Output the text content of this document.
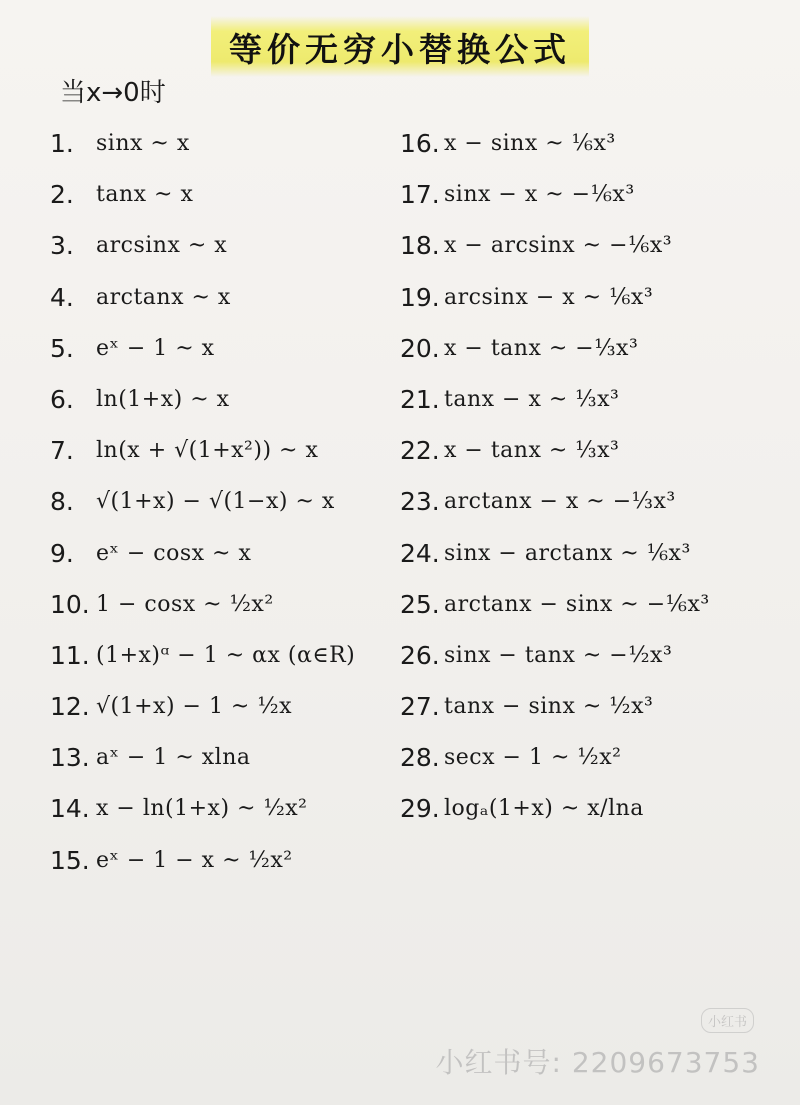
等价无穷小替换公式
当x→0时
1.	sinx ~ x
2.	tanx ~ x
3.	arcsinx ~ x
4.	arctanx ~ x
5.	eˣ − 1 ~ x
6.	ln(1+x) ~ x
7.	ln(x + √(1+x²)) ~ x
8.	√(1+x) − √(1−x) ~ x
9.	eˣ − cosx ~ x
10. 1 − cosx ~ ½x²
11. (1+x)ᵅ − 1 ~ αx (α∈R)
12. √(1+x) − 1 ~ ½x
13. aˣ − 1 ~ xlna
14. x − ln(1+x) ~ ½x²
15. eˣ − 1 − x ~ ½x²
16. x − sinx ~ ⅙x³
17. sinx − x ~ −⅙x³
18. x − arcsinx ~ −⅙x³
19. arcsinx − x ~ ⅙x³
20. x − tanx ~ −⅓x³
21. tanx − x ~ ⅓x³
22. x − tanx ~ ⅓x³
23. arctanx − x ~ −⅓x³
24. sinx − arctanx ~ ⅙x³
25. arctanx − sinx ~ −⅙x³
26. sinx − tanx ~ −½x³
27. tanx − sinx ~ ½x³
28. secx − 1 ~ ½x²
29. logₐ(1+x) ~ x/lna
小红书
小红书号: 2209673753
